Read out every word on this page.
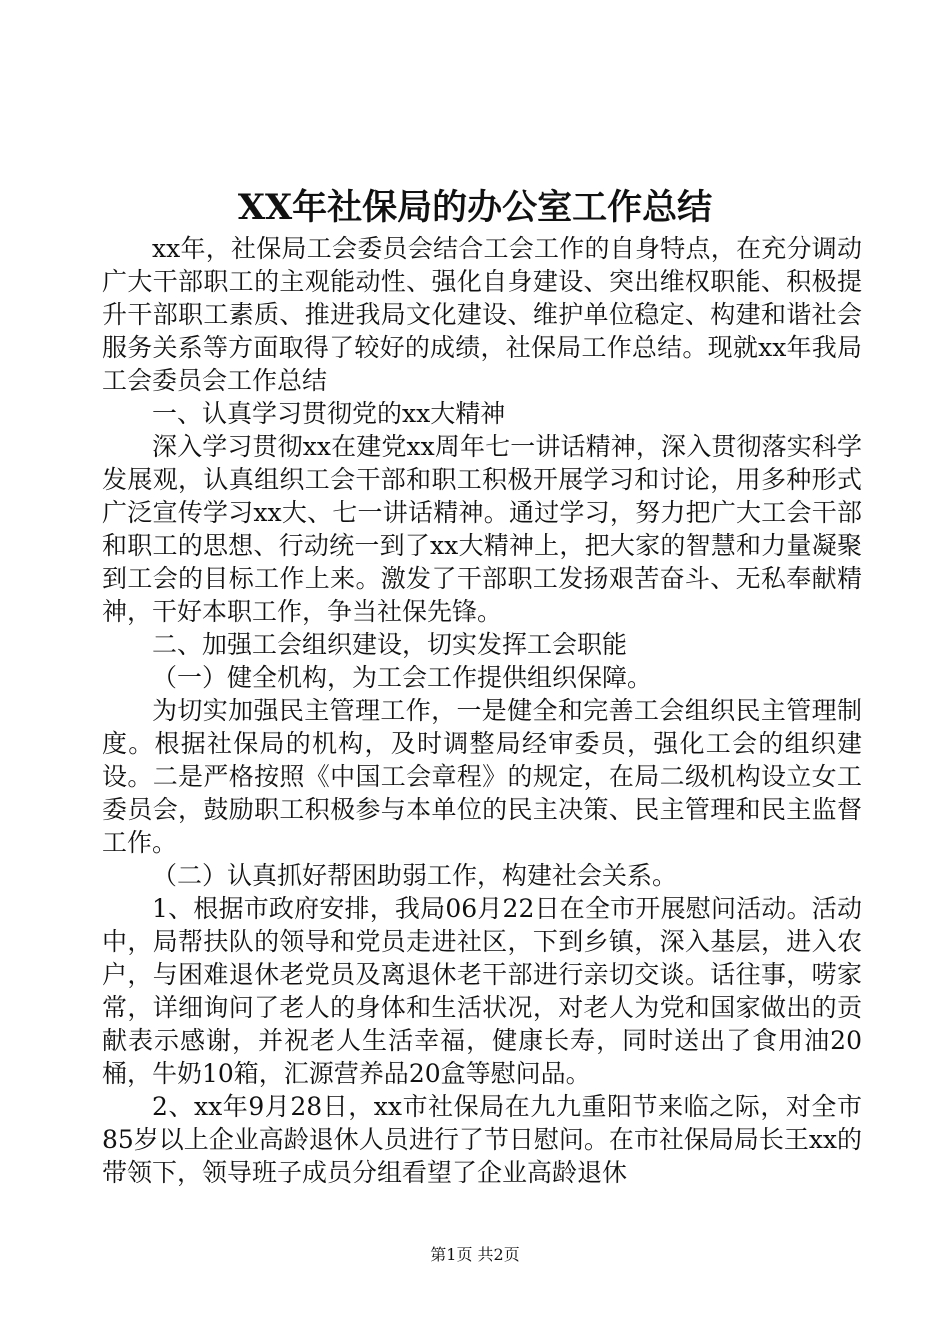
XX年社保局的办公室工作总结

xx年，社保局工会委员会结合工会工作的自身特点，在充分调动广大干部职工的主观能动性、强化自身建设、突出维权职能、积极提升干部职工素质、推进我局文化建设、维护单位稳定、构建和谐社会服务关系等方面取得了较好的成绩，社保局工作总结。现就xx年我局工会委员会工作总结

一、认真学习贯彻党的xx大精神

深入学习贯彻xx在建党xx周年七一讲话精神，深入贯彻落实科学发展观，认真组织工会干部和职工积极开展学习和讨论，用多种形式广泛宣传学习xx大、七一讲话精神。通过学习，努力把广大工会干部和职工的思想、行动统一到了xx大精神上，把大家的智慧和力量凝聚到工会的目标工作上来。激发了干部职工发扬艰苦奋斗、无私奉献精神，干好本职工作，争当社保先锋。

二、加强工会组织建设，切实发挥工会职能

（一）健全机构，为工会工作提供组织保障。

为切实加强民主管理工作，一是健全和完善工会组织民主管理制度。根据社保局的机构，及时调整局经审委员，强化工会的组织建设。二是严格按照《中国工会章程》的规定，在局二级机构设立女工委员会，鼓励职工积极参与本单位的民主决策、民主管理和民主监督工作。

（二）认真抓好帮困助弱工作，构建社会关系。

1、根据市政府安排，我局06月22日在全市开展慰问活动。活动中，局帮扶队的领导和党员走进社区，下到乡镇，深入基层，进入农户，与困难退休老党员及离退休老干部进行亲切交谈。话往事，唠家常，详细询问了老人的身体和生活状况，对老人为党和国家做出的贡献表示感谢，并祝老人生活幸福，健康长寿，同时送出了食用油20桶，牛奶10箱，汇源营养品20盒等慰问品。

2、xx年9月28日，xx市社保局在九九重阳节来临之际，对全市85岁以上企业高龄退休人员进行了节日慰问。在市社保局局长王xx的带领下，领导班子成员分组看望了企业高龄退休

第1页 共2页
